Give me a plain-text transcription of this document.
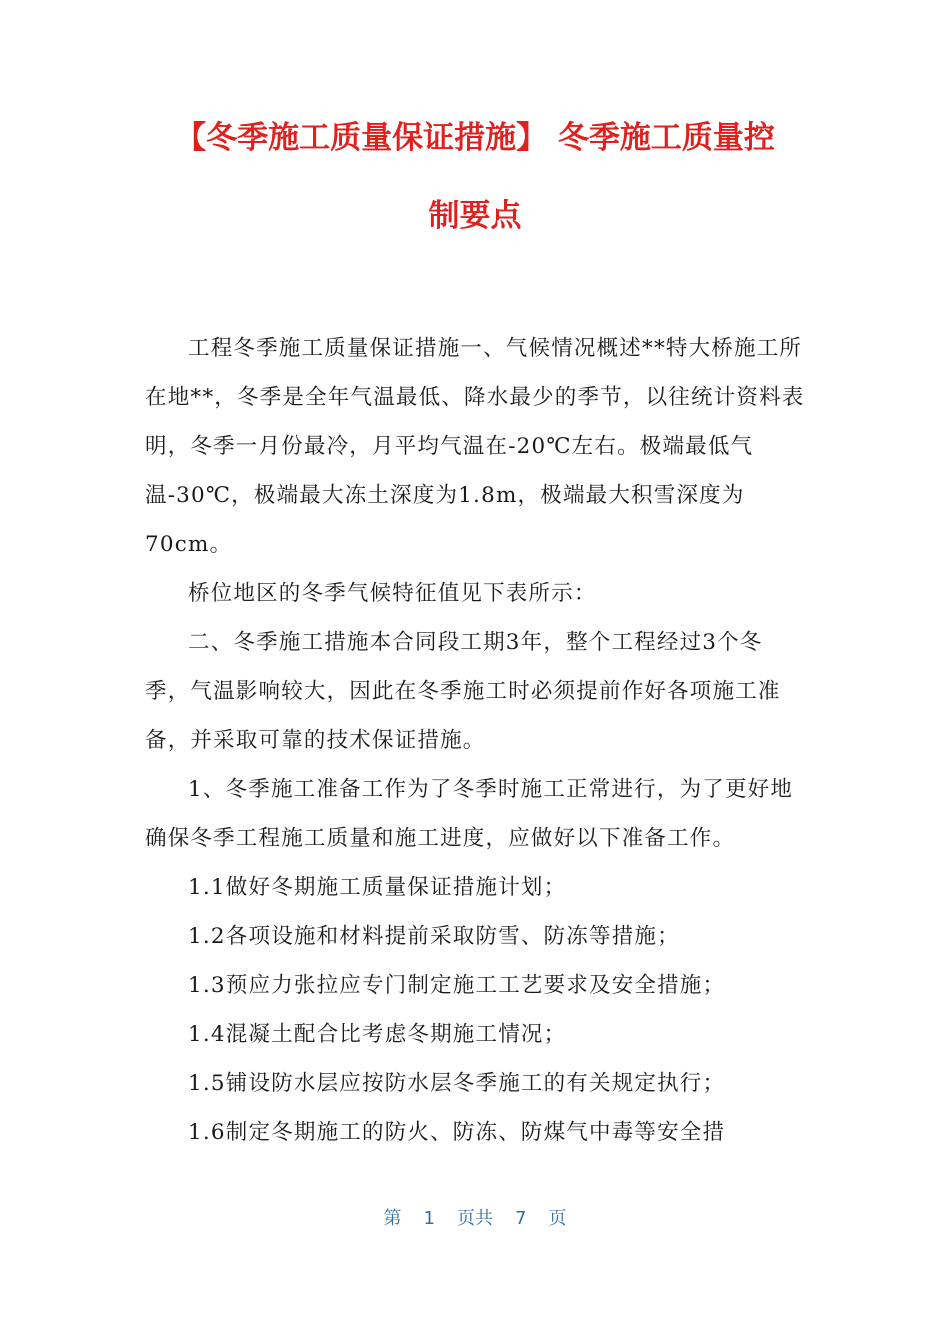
【冬季施工质量保证措施】 冬季施工质量控
制要点

工程冬季施工质量保证措施一、气候情况概述**特大桥施工所在地**，冬季是全年气温最低、降水最少的季节，以往统计资料表明，冬季一月份最冷，月平均气温在-20℃左右。极端最低气温-30℃，极端最大冻土深度为1.8m，极端最大积雪深度为70cm。

桥位地区的冬季气候特征值见下表所示：

二、冬季施工措施本合同段工期3年，整个工程经过3个冬季，气温影响较大，因此在冬季施工时必须提前作好各项施工准备，并采取可靠的技术保证措施。

1、冬季施工准备工作为了冬季时施工正常进行，为了更好地确保冬季工程施工质量和施工进度，应做好以下准备工作。

1.1做好冬期施工质量保证措施计划；

1.2各项设施和材料提前采取防雪、防冻等措施；

1.3预应力张拉应专门制定施工工艺要求及安全措施；

1.4混凝土配合比考虑冬期施工情况；

1.5铺设防水层应按防水层冬季施工的有关规定执行；

1.6制定冬期施工的防火、防冻、防煤气中毒等安全措

第 1 页共 7 页
